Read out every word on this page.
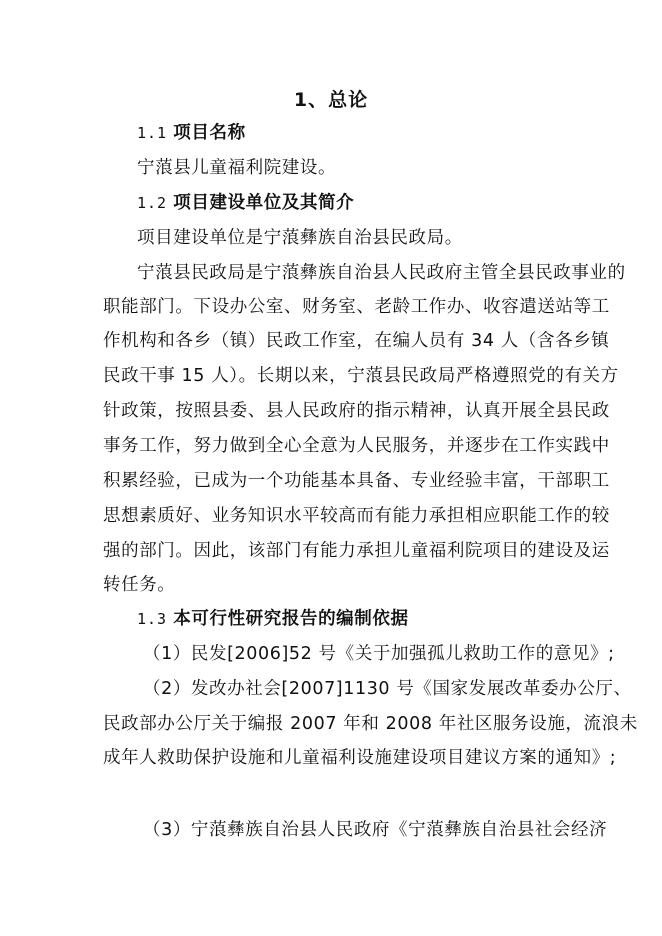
1、总论
1.1 项目名称
宁蒗县儿童福利院建设。
1.2 项目建设单位及其简介
项目建设单位是宁蒗彝族自治县民政局。
宁蒗县民政局是宁蒗彝族自治县人民政府主管全县民政事业的
职能部门。下设办公室、财务室、老龄工作办、收容遣送站等工
作机构和各乡（镇）民政工作室，在编人员有 34 人（含各乡镇
民政干事 15 人）。长期以来，宁蒗县民政局严格遵照党的有关方
针政策，按照县委、县人民政府的指示精神，认真开展全县民政
事务工作，努力做到全心全意为人民服务，并逐步在工作实践中
积累经验，已成为一个功能基本具备、专业经验丰富，干部职工
思想素质好、业务知识水平较高而有能力承担相应职能工作的较
强的部门。因此，该部门有能力承担儿童福利院项目的建设及运
转任务。
1.3 本可行性研究报告的编制依据
（1）民发[2006]52 号《关于加强孤儿救助工作的意见》;
（2）发改办社会[2007]1130 号《国家发展改革委办公厅、
民政部办公厅关于编报 2007 年和 2008 年社区服务设施，流浪未
成年人救助保护设施和儿童福利设施建设项目建议方案的通知》;
（3）宁蒗彝族自治县人民政府《宁蒗彝族自治县社会经济
